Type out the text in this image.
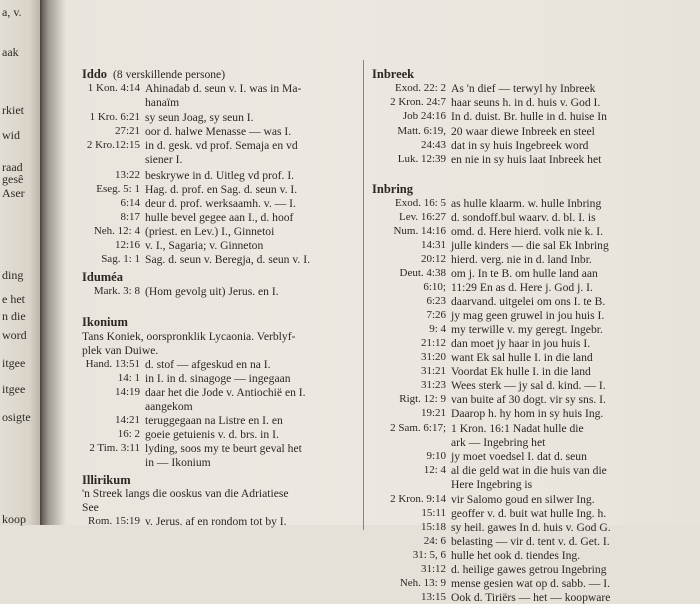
a, v.
aak
rkiet
wid
raad
gesê
Aser
ding
e het
n die
word
itgee
itgee
osigte
koop
Iddo (8 verskillende persone)
1 Kon. 4:14 Ahinadab d. seun v. I. was in Ma-
hanaïm
1 Kro. 6:21 sy seun Joag, sy seun I.
27:21 oor d. halwe Menasse — was I.
2 Kro.12:15 in d. gesk. vd prof. Semaja en vd
siener I.
13:22 beskrywe in d. Uitleg vd prof. I.
Eseg. 5: 1 Hag. d. prof. en Sag. d. seun v. I.
6:14 deur d. prof. werksaamh. v. — I.
8:17 hulle bevel gegee aan I., d. hoof
Neh. 12: 4 (priest. en Lev.) I., Ginnetoi
12:16 v. I., Sagaria; v. Ginneton
Sag. 1: 1 Sag. d. seun v. Beregja, d. seun v. I.
Iduméa
Mark. 3: 8 (Hom gevolg uit) Jerus. en I.
Ikonium
Tans Koniek, oorspronklik Lycaonia. Verblyf-
plek van Duiwe.
Hand. 13:51 d. stof — afgeskud en na I.
14: 1 in I. in d. sinagoge — ingegaan
14:19 daar het die Jode v. Antiochië en I.
aangekom
14:21 teruggegaan na Listre en I. en
16: 2 goeie getuienis v. d. brs. in I.
2 Tim. 3:11 lyding, soos my te beurt geval het
in — Ikonium
Illirikum
'n Streek langs die ooskus van die Adriatiese
See
Rom. 15:19 v. Jerus. af en rondom tot by I.
Inbreek
Exod. 22: 2 As 'n dief — terwyl hy Inbreek
2 Kron. 24:7 haar seuns h. in d. huis v. God I.
Job 24:16 In d. duist. Br. hulle in d. huise In
Matt. 6:19, 20 waar diewe Inbreek en steel
24:43 dat in sy huis Ingebreek word
Luk. 12:39 en nie in sy huis laat Inbreek het
Inbring
Exod. 16: 5 as hulle klaarm. w. hulle Inbring
Lev. 16:27 d. sondoff.bul waarv. d. bl. I. is
Num. 14:16 omd. d. Here hierd. volk nie k. I.
14:31 julle kinders — die sal Ek Inbring
20:12 hierd. verg. nie in d. land Inbr.
Deut. 4:38 om j. In te B. om hulle land aan
6:10; 11:29 En as d. Here j. God j. I.
6:23 daarvand. uitgelei om ons I. te B.
7:26 jy mag geen gruwel in jou huis I.
9: 4 my terwille v. my geregt. Ingebr.
21:12 dan moet jy haar in jou huis I.
31:20 want Ek sal hulle I. in die land
31:21 Voordat Ek hulle I. in die land
31:23 Wees sterk — jy sal d. kind. — I.
Rigt. 12: 9 van buite af 30 dogt. vir sy sns. I.
19:21 Daarop h. hy hom in sy huis Ing.
2 Sam. 6:17; 1 Kron. 16:1 Nadat hulle die
ark — Ingebring het
9:10 jy moet voedsel I. dat d. seun
12: 4 al die geld wat in die huis van die
Here Ingebring is
2 Kron. 9:14 vir Salomo goud en silwer Ing.
15:11 geoffer v. d. buit wat hulle Ing. h.
15:18 sy heil. gawes In d. huis v. God G.
24: 6 belasting — vir d. tent v. d. Get. I.
31: 5, 6 hulle het ook d. tiendes Ing.
31:12 d. heilige gawes getrou Ingebring
Neh. 13: 9 mense gesien wat op d. sabb. — I.
13:15 Ook d. Tiriërs — het — koopware
